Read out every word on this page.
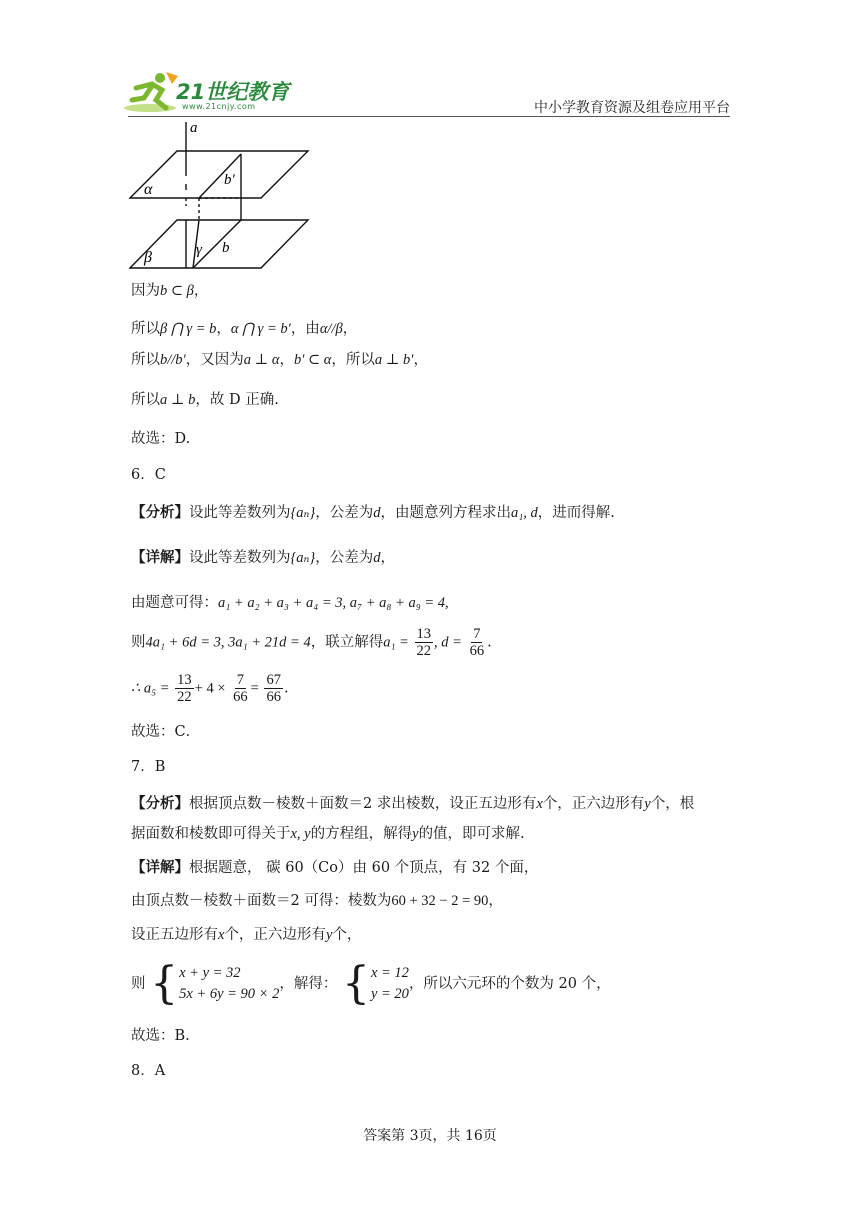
21世纪教育
www.21cnjy.com	中小学教育资源及组卷应用平台
a
b′
α
β	γ b
因为b ⊂ β，
所以β ⋂ γ = b，α ⋂ γ = b′，由α//β，
所以b//b′，又因为a ⊥ α，b′ ⊂ α，所以a ⊥ b′，
所以a ⊥ b，故 D 正确.
故选：D.
6．C
【分析】设此等差数列为{aₙ}，公差为d，由题意列方程求出a₁, d，进而得解.
【详解】设此等差数列为{aₙ}，公差为d，
由题意可得：a₁ + a₂ + a₃ + a₄ = 3, a₇ + a₈ + a₉ = 4,
则4a₁ + 6d = 3, 3a₁ + 21d = 4，联立解得$a_1 = \frac{13}{22}$ , $d = \frac{7}{66}$ .
∴ $a_5 = \frac{13}{22} + 4 \times \frac{7}{66} = \frac{67}{66}$ .
故选：C．
7．B
【分析】根据顶点数－棱数＋面数＝2 求出棱数，设正五边形有x个，正六边形有y个，根
据面数和棱数即可得关于x, y的方程组，解得y的值，即可求解.
【详解】根据题意， 碳 60（Co）由 60 个顶点，有 32 个面，
由顶点数－棱数＋面数＝2 可得：棱数为60 + 32 − 2 = 90，
设正五边形有x个，正六边形有y个，
则 { x + y = 32
5x + 6y = 90 × 2
，解得： { x = 12
y = 20
，所以六元环的个数为 20 个，
故选：B.
8．A
答案第 3页，共 16页
